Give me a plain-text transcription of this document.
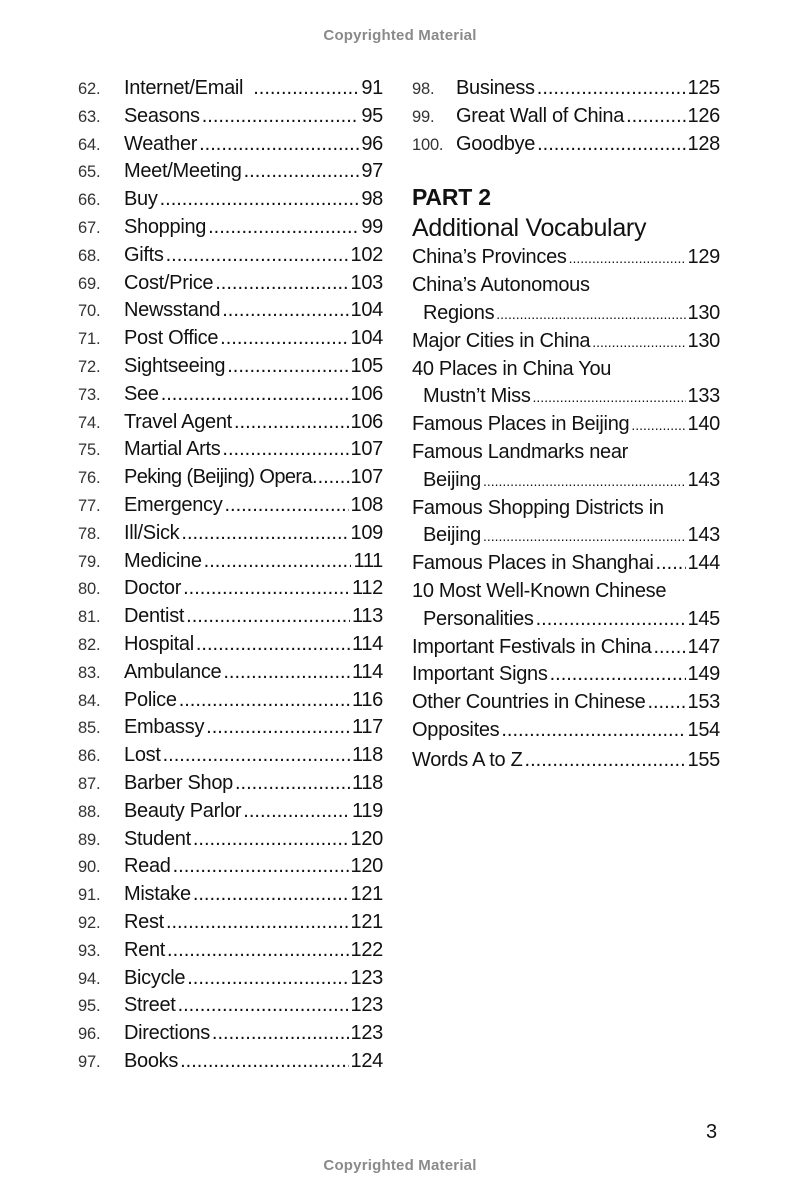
Copyrighted Material
62.	Internet/Email .....	91
63.	Seasons .....	95
64.	Weather .....	96
65.	Meet/Meeting .....	97
66.	Buy .....	98
67.	Shopping .....	99
68.	Gifts .....	102
69.	Cost/Price .....	103
70.	Newsstand .....	104
71.	Post Office .....	104
72.	Sightseeing .....	105
73.	See .....	106
74.	Travel Agent .....	106
75.	Martial Arts .....	107
76.	Peking (Beijing) Opera ..... 107
77.	Emergency .....	108
78.	Ill/Sick .....	109
79.	Medicine .....	111
80.	Doctor .....	112
81.	Dentist .....	113
82.	Hospital .....	114
83.	Ambulance .....	114
84.	Police .....	116
85.	Embassy .....	117
86.	Lost .....	118
87.	Barber Shop .....	118
88.	Beauty Parlor .....	119
89.	Student .....	120
90.	Read .....	120
91.	Mistake .....	121
92.	Rest .....	121
93.	Rent .....	122
94.	Bicycle .....	123
95.	Street .....	123
96.	Directions .....	123
97.	Books .....	124
98.	Business .....	125
99.	Great Wall of China .....	126
100. Goodbye .....	128
PART 2
Additional Vocabulary
China’s Provinces .....	129
China’s Autonomous
Regions .....	130
Major Cities in China .....	130
40 Places in China You
Mustn’t Miss .....	133
Famous Places in Beijing .....	140
Famous Landmarks near
Beijing .....	143
Famous Shopping Districts in
Beijing .....	143
Famous Places in Shanghai ..... 144
10 Most Well-Known Chinese
Personalities .....	145
Important Festivals in China ..... 147
Important Signs .....	149
Other Countries in Chinese ..... 153
Opposites .....	154
Words A to Z .....	155
3
Copyrighted Material
